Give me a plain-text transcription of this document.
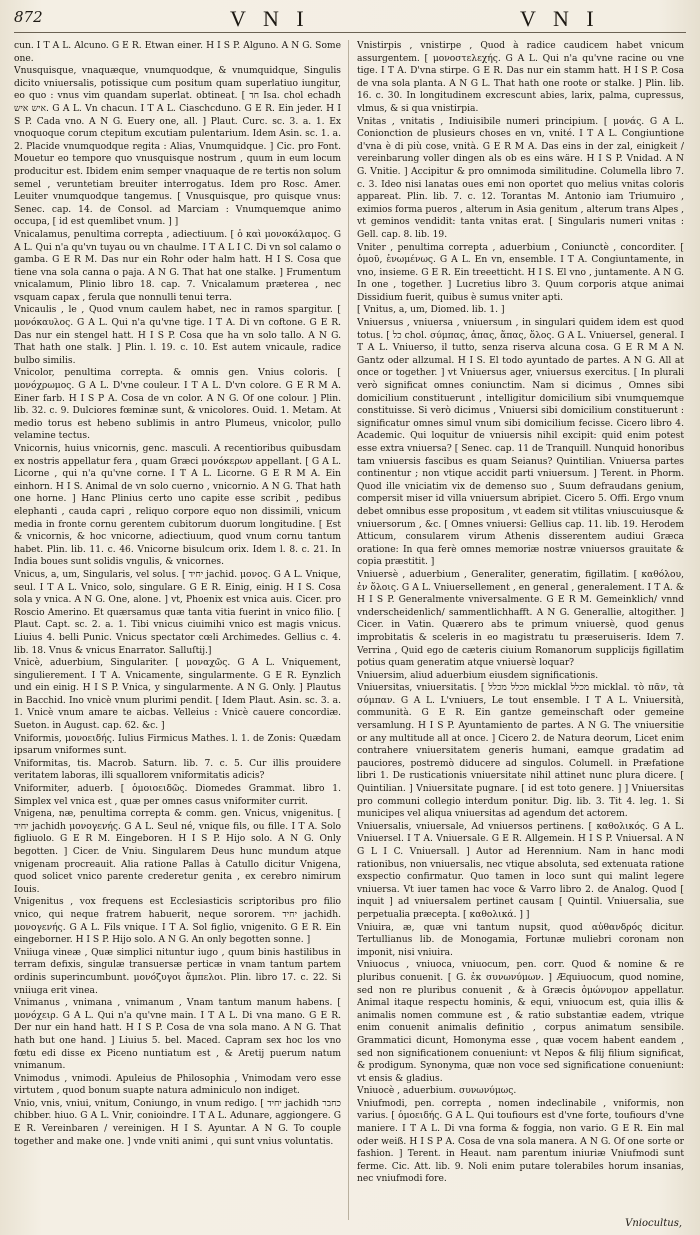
872	V N I	V N I

cun. I T A L. Alcuno. G E R. Etwan einer. H I S P. Alguno. A N G. Some one.

Vnusquisque, vnaquæque, vnumquodque, & vnumquidque, Singulis dicito vniuersalis, potissique cum positum quam superlatiuo iungitur, eo quo : vnus vim quandam superlat. obtineat. [ חד Isa. chol echadh איש איש. G A L. Vn chacun. I T A L. Ciaschcduno. G E R. Ein jeder. H I S P. Cada vno. A N G. Euery one, all. ] Plaut. Curc. sc. 3. a. 1. Ex vnoquoque corum ctepitum excutiam pulentarium. Idem Asin. sc. 1. a. 2. Placide vnumquodque regita : Alias, Vnumquidque. ] Cic. pro Font. Mouetur eo tempore quo vnusquisque nostrum , quum in eum locum producitur est. Ibidem enim semper vnaquaque de re tertis non solum semel , veruntetiam breuiter interrogatus. Idem pro Rosc. Amer. Leuiter vnumquodque tangemus. [ Vnusquisque, pro quisque vnus: Senec. cap. 14. de Consol. ad Marciam : Vnumquemque animo occupa, [ id est quemlibet vnum. ] ]

Vnicalamus, penultima correpta , adiectiuum. [ ὁ καὶ μονοκάλαμος. G A L. Qui n'a qu'vn tuyau ou vn chaulme. I T A L I C. Di vn sol calamo o gamba. G E R M. Das nur ein Rohr oder halm hatt. H I S. Cosa que tiene vna sola canna o paja. A N G. That hat one stalke. ] Frumentum vnicalamum, Plinio libro 18. cap. 7. Vnicalamum præterea , nec vsquam capax , ferula que nonnulli tenui terra.

Vnicaulis , le , Quod vnum caulem habet, nec in ramos spargitur. [ μονόκαυλος. G A L. Qui n'a qu'vne tige. I T A. Di vn coftone. G E R. Das nur ein stengel hatt. H I S P. Cosa que ha vn solo tallo. A N G. That hath one stalk. ] Plin. l. 19. c. 10. Est autem vnicaule, radice bulbo similis.

Vnicolor, penultima correpta. & omnis gen. Vnius coloris. [ μονόχρωμος. G A L. D'vne couleur. I T A L. D'vn colore. G E R M A. Einer farb. H I S P A. Cosa de vn color. A N G. Of one colour. ] Plin. lib. 32. c. 9. Dulciores fœminæ sunt, & vnicolores. Ouid. 1. Metam. At medio torus est hebeno sublimis in antro Plumeus, vnicolor, pullo velamine tectus.

Vnicornis, huius vnicornis, genc. masculi. A recentioribus quibusdam ex nostris appellatur fera , quam Græci μονόκερων appellant. [ G A L. Licorne , qui n'a qu'vne corne. I T A L. Licorne. G E R M A. Ein einhorn. H I S. Animal de vn solo cuerno , vnicornio. A N G. That hath one horne. ] Hanc Plinius certo uno capite esse scribit , pedibus elephanti , cauda capri , reliquo corpore equo non dissimili, vnicum media in fronte cornu gerentem cubitorum duorum longitudine. [ Est & vnicornis, & hoc vnicorne, adiectiuum, quod vnum cornu tantum habet. Plin. lib. 11. c. 46. Vnicorne bisulcum orix. Idem l. 8. c. 21. In India boues sunt solidis vngulis, & vnicornes.

Vnicus, a, um, Singularis, vel solus. [ יחיד jachid. μονος. G A L. Vnique, seul. I T A L. Vnico, solo, singulare. G E R. Einig, einig. H I S. Cosa sola y vnica. A N G. One, alone. ] vt, Phoenix est vnica auis. Cicer. pro Roscio Amerino. Et quærsamus quæ tanta vitia fuerint in vnico filio. [ Plaut. Capt. sc. 2. a. 1. Tibi vnicus ciuimihi vnico est magis vnicus. Liuius 4. belli Punic. Vnicus spectator cœli Archimedes. Gellius c. 4. lib. 18. Vnus & vnicus Enarrator. Salluſtij.]

Vnicè, aduerbium, Singulariter. [ μοναχῶς. G A L. Vniquement, singulierement. I T A. Vnicamente, singularmente. G E R. Eynzlich und ein einig. H I S P. Vnica, y singularmente. A N G. Only. ] Plautus in Bacchid. Ino vnicè vnum plurimi pendit. [ Idem Plaut. Asin. sc. 3. a. 1. Vnicè vnum amare te aicbas. Velleius : Vnicè cauere concordiæ. Sueton. in August. cap. 62. &c. ]

Vniformis, μονοειδής. Iulius Firmicus Mathes. l. 1. de Zonis: Quædam ipsarum vniformes sunt.

Vniformitas, tis. Macrob. Saturn. lib. 7. c. 5. Cur illis prouidere veritatem laboras, illi squallorem vniformitatis adicis?

Vniformiter, aduerb. [ ὁμοιοειδῶς. Diomedes Grammat. libro 1. Simplex vel vnica est , quæ per omnes casus vniformiter currit.

Vnigena, næ, penultima correpta & comm. gen. Vnicus, vnigenitus. [ יחיד jachidh μονογενής. G A L. Seul né, vnique fils, ou fille. I T A. Solo figliuolo. G E R M. Eingeboren. H I S P. Hijo solo. A N G. Only begotten. ] Cicer. de Vniu. Singularem Deus hunc mundum atque vnigenam procreauit. Alia ratione Pallas à Catullo dicitur Vnigena, quod solicet vnico parente crederetur genita , ex cerebro nimirum Iouis.

Vnigenitus , vox frequens est Ecclesiasticis scriptoribus pro filio vnico, qui neque fratrem habuerit, neque sororem. יחיד jachidh. μονογενής. G A L. Fils vnique. I T A. Sol figlio, vnigenito. G E R. Ein eingeborner. H I S P. Hijo solo. A N G. An only begotten sonne. ]

Vniiuga vineæ , Quæ simplici nituntur iugo , quum binis hastilibus in terram defixis, singulæ transuersæ perticæ in vnam tantum partem ordinis superincumbunt. μονόζυγοι ἄμπελοι. Plin. libro 17. c. 22. Si vniiuga erit vinea.

Vnimanus , vnimana , vnimanum , Vnam tantum manum habens. [ μονόχειρ. G A L. Qui n'a qu'vne main. I T A L. Di vna mano. G E R. Der nur ein hand hatt. H I S P. Cosa de vna sola mano. A N G. That hath but one hand. ] Liuius 5. bel. Maced. Capram sex hoc los vno fœtu edi disse ex Piceno nuntiatum est , & Aretij puerum natum vnimanum.

Vnimodus , vnimodi. Apuleius de Philosophia , Vnimodam vero esse virtutem , quod bonum suapte natura adminiculo non indiget.

Vnio, vnis, vniui, vnitum, Coniungo, in vnum redigo. [ יחיד jachidh כחבר chibber. hiuo. G A L. Vnir, conioindre. I T A L. Adunare, aggiongere. G E R. Vereinbaren / vereinigen. H I S. Ayuntar. A N G. To couple together and make one. ] vnde vniti animi , qui sunt vnius voluntatis.

Vnistirpis , vnistirpe , Quod à radice caudicem habet vnicum assurgentem. [ μονοστελεχής. G A L. Qui n'a qu'vne racine ou vne tige. I T A. D'vna stirpe. G E R. Das nur ein stamm hatt. H I S P. Cosa de vna sola planta. A N G L. That hath one roote or stalke. ] Plin. lib. 16. c. 30. In longitudinem excrescunt abies, larix, palma, cupressus, vlmus, & si qua vnistirpia.

Vnitas , vnitatis , Indiuisibile numeri principium. [ μονάς. G A L. Conionction de plusieurs choses en vn, vnité. I T A L. Congiuntione d'vna è di più cose, vnità. G E R M A. Das eins in der zal, einigkeit / vereinbarung voller dingen als ob es eins wäre. H I S P. Vnidad. A N G. Vnitie. ] Accipitur & pro omnimoda similitudine. Columella libro 7. c. 3. Ideo nisi lanatas oues emi non oportet quo melius vnitas coloris appareat. Plin. lib. 7. c. 12. Torantas M. Antonio iam Triumuiro , eximios forma pueros , alterum in Asia genitum , alterum trans Alpes , vt geminos vendidit: tanta vnitas erat. [ Singularis numeri vnitas : Gell. cap. 8. lib. 19.

Vniter , penultima correpta , aduerbium , Coniunctè , concorditer. [ ὁμοῦ, ἑνωμένως. G A L. En vn, ensemble. I T A. Congiuntamente, in vno, insieme. G E R. Ein treeetticht. H I S. El vno , juntamente. A N G. In one , together. ] Lucretius libro 3. Quum corporis atque animai Dissidium fuerit, quibus è sumus vniter apti.

[ Vnitus, a, um, Diomed. lib. 1. ]

Vniuersus , vniuersa , vniuersum , in singulari quidem idem est quod totus. [ כל chol. σύμπας, ἀπας, ἅπας, ὅλος. G A L. Vniuersel, general. I T A L. Vniuerso, il tutto, senza riserva alcuna cosa. G E R M A N. Gantz oder allzumal. H I S. El todo ayuntado de partes. A N G. All at once or together. ] vt Vniuersus ager, vniuersus exercitus. [ In plurali verò significat omnes coniunctim. Nam si dicimus , Omnes sibi domicilium constituerunt , intelligitur domicilium sibi vnumquemque constituisse. Si verò dicimus , Vniuersi sibi domicilium constituerunt : significatur omnes simul vnum sibi domicilium fecisse. Cicero libro 4. Academic. Qui loquitur de vniuersis nihil excipit: quid enim potest esse extra vniuersa? [ Senec. cap. 11 de Tranquill. Nunquid honoribus tam vniuersis fascibus es quam Seianus? Quintilian. Vniuersa partes continentur ; non vtique accidit parti vniuersum. ] Terent. in Phorm. Quod ille vniciatim vix de demenso suo , Suum defraudans genium, compersit miser id villa vniuersum abripiet. Cicero 5. Offi. Ergo vnum debet omnibus esse propositum , vt eadem sit vtilitas vniuscuiusque & vniuersorum , &c. [ Omnes vniuersi: Gellius cap. 11. lib. 19. Herodem Atticum, consularem virum Athenis disserentem audiui Græca oratione: In qua ferè omnes memoriæ nostræ vniuersos grauitate & copia præstitit. ]

Vniuersè , aduerbium , Generaliter, generatim, figillatim. [ καθόλου, ἐν ὅλοις. G A L. Vniuersellement , en general , generalement. I T A. & H I S P. Generalmente vniversalmente. G E R M. Gemeinklich/ vnnd vnderscheidenlich/ sammentlichhafft. A N G. Generallie, altogither. ] Cicer. in Vatin. Quærero abs te primum vniuersè, quod genus improbitatis & sceleris in eo magistratu tu præseruiseris. Idem 7. Verrina , Quid ego de cæteris ciuium Romanorum supplicijs figillatim potius quam generatim atque vniuersè loquar?

Vniuersim, aliud aduerbium eiusdem significationis.

Vniuersitas, vniuersitatis. [ מכלל מכלל micklal מכלל micklal. τὸ πᾶν, τὰ σύμπαν. G A L. L'vniuers, Le tout ensemble. I T A L. Vniuersità, communità. G E R. Ein gantze gemeinschaft oder gemeine versamlung. H I S P. Ayuntamiento de partes. A N G. The vniuersitie or any multitude all at once. ] Cicero 2. de Natura deorum, Licet enim contrahere vniuersitatem generis humani, eamque gradatim ad pauciores, postremò diducere ad singulos. Columell. in Præfatione libri 1. De rusticationis vniuersitate nihil attinet nunc plura dicere. [ Quintilian. ] Vniuersitate pugnare. [ id est toto genere. ] ] Vniuersitas pro communi collegio interdum ponitur. Dig. lib. 3. Tit 4. leg. 1. Si municipes vel aliqua vniuersitas ad agendum det actorem.

Vniuersalis, vniuersale, Ad vniuersos pertinens. [ καθολικός. G A L. Vniuersel. I T A. Vniuersale. G E R. Allgemein. H I S P. Vniuersal. A N G L I C. Vniuersall. ] Autor ad Herennium. Nam in hanc modi rationibus, non vniuersalis, nec vtique absoluta, sed extenuata ratione exspectio confirmatur. Quo tamen in loco sunt qui malint legere vniuersa. Vt iuer tamen hac voce & Varro libro 2. de Analog. Quod [ inquit ] ad vniuersalem pertinet causam [ Quintil. Vniuersalia, sue perpetualia præcepta. [ καθολικά. ] ]

Vniuira, æ, quæ vni tantum nupsit, quod αὐθανδρός dicitur. Tertullianus lib. de Monogamia, Fortunæ muliebri coronam non imponit, nisi vniuira.

Vniuocus , vniuoca, vniuocum, pen. corr. Quod & nomine & re pluribus conuenit. [ G. ἐκ συνωνύμων. ] Æquiuocum, quod nomine, sed non re pluribus conuenit , & à Græcis ὁμώνυμον appellatur. Animal itaque respectu hominis, & equi, vniuocum est, quia illis & animalis nomen commune est , & ratio substantiæ eadem, vtrique enim conuenit animalis definitio , corpus animatum sensibile. Grammatici dicunt, Homonyma esse , quæ vocem habent eandem , sed non significationem conueniunt: vt Nepos & filij filium significat, & prodigum. Synonyma, quæ non voce sed significatione conueniunt: vt ensis & gladius.

Vniuocè , aduerbium. συνωνύμως.

Vniufmodi, pen. correpta , nomen indeclinabile , vniformis, non varius. [ ὁμοειδής. G A L. Qui toufiours est d'vne forte, toufiours d'vne maniere. I T A L. Di vna forma & foggia, non vario. G E R. Ein mal oder weiß. H I S P A. Cosa de vna sola manera. A N G. Of one sorte or fashion. ] Terent. in Heaut. nam parentum iniuriæ Vniufmodi sunt ferme. Cic. Att. lib. 9. Noli enim putare tolerabiles horum insanias, nec vniufmodi fore.

Vniocultus,
